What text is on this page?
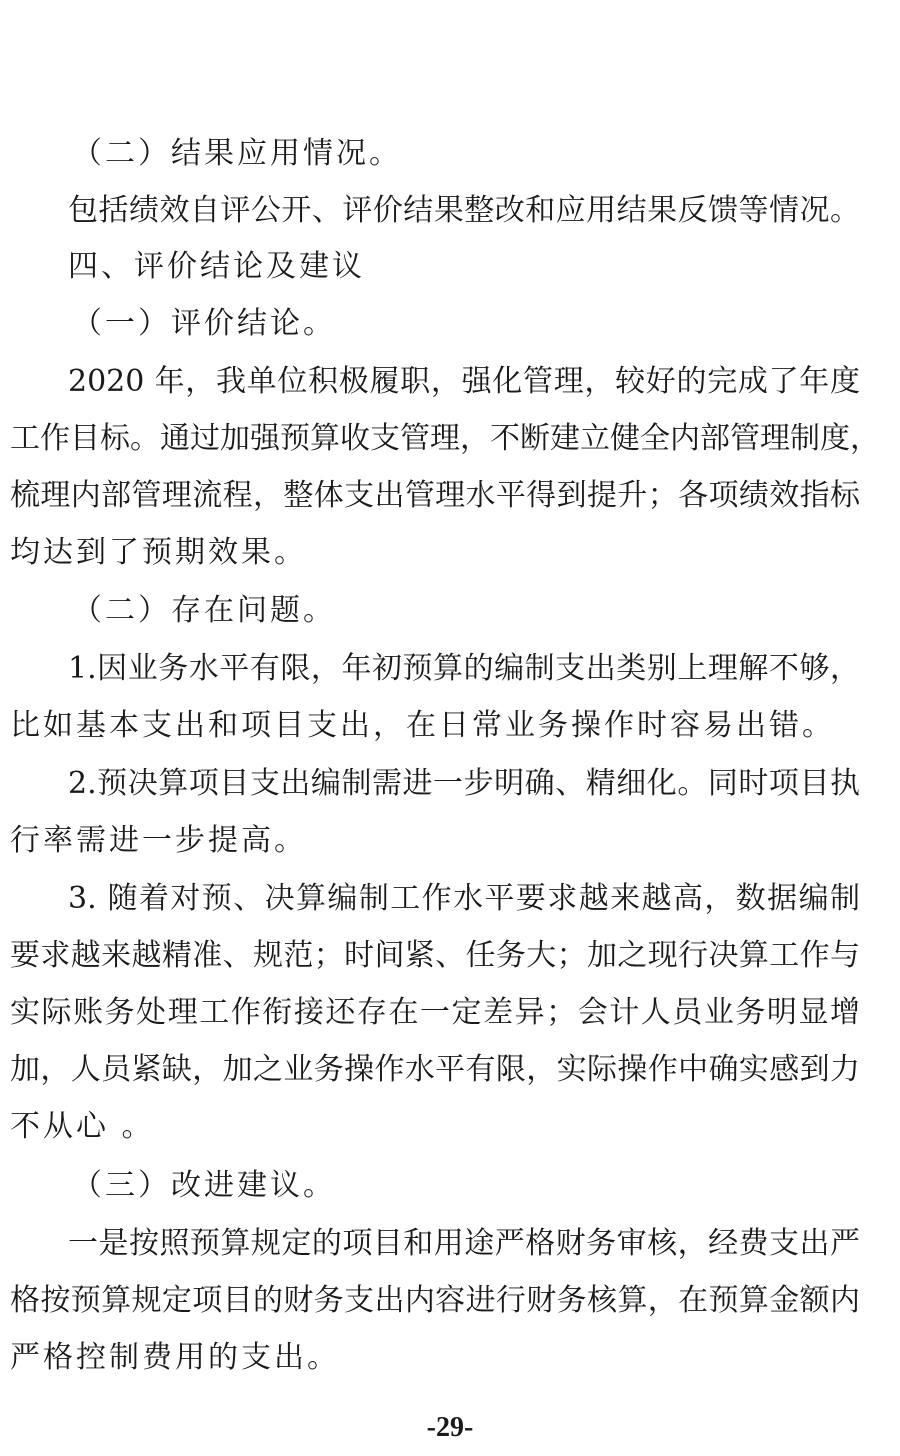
（二）结果应用情况。
包括绩效自评公开、评价结果整改和应用结果反馈等情况。
四、评价结论及建议
（一）评价结论。
2020 年，我单位积极履职，强化管理，较好的完成了年度
工作目标。通过加强预算收支管理，不断建立健全内部管理制度，
梳理内部管理流程，整体支出管理水平得到提升；各项绩效指标
均达到了预期效果。
（二）存在问题。
1.因业务水平有限，年初预算的编制支出类别上理解不够，
比如基本支出和项目支出，在日常业务操作时容易出错。
2.预决算项目支出编制需进一步明确、精细化。同时项目执
行率需进一步提高。
3. 随着对预、决算编制工作水平要求越来越高，数据编制
要求越来越精准、规范；时间紧、任务大；加之现行决算工作与
实际账务处理工作衔接还存在一定差异；会计人员业务明显增
加，人员紧缺，加之业务操作水平有限，实际操作中确实感到力
不从心 。
（三）改进建议。
一是按照预算规定的项目和用途严格财务审核，经费支出严
格按预算规定项目的财务支出内容进行财务核算，在预算金额内
严格控制费用的支出。
-29-
